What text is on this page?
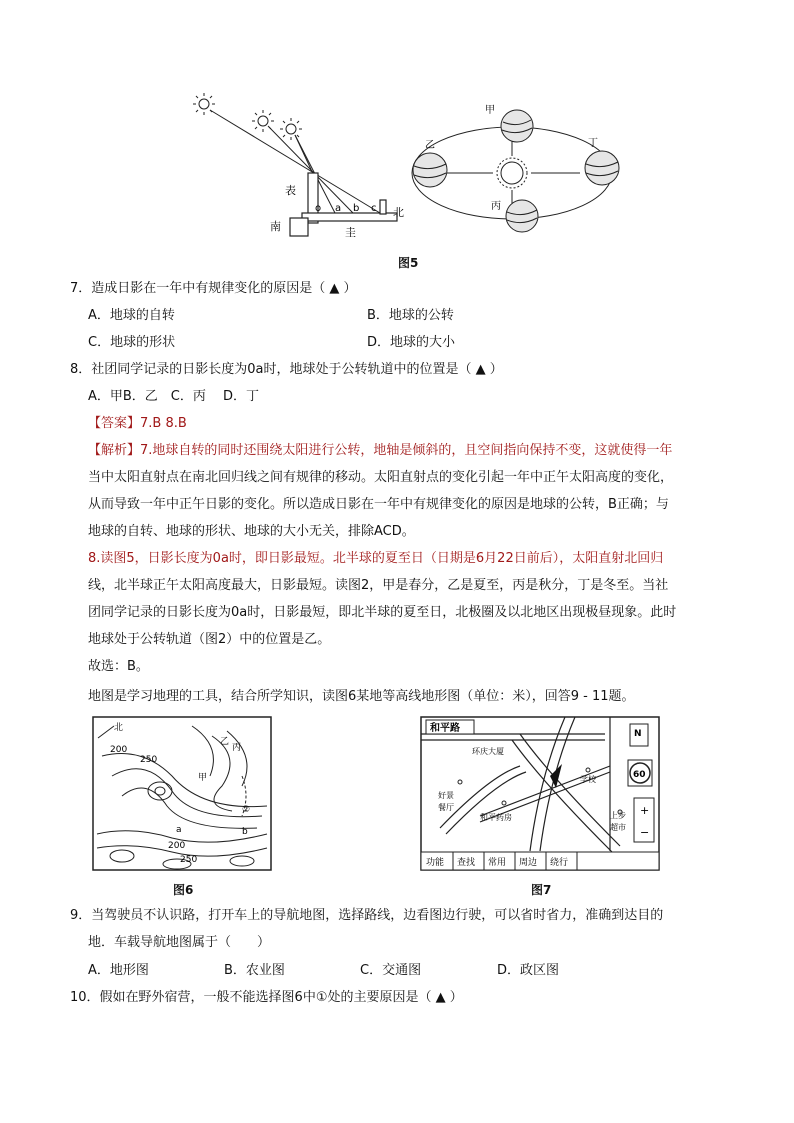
表
南
北
圭
o a b c
甲
乙
丙
丁
图5
7．造成日影在一年中有规律变化的原因是（ ▲ ）
A．地球的自转	B．地球的公转
C．地球的形状	D．地球的大小
8．社团同学记录的日影长度为0a时，地球处于公转轨道中的位置是（ ▲ ）
A．甲B．乙　C．丙　 D．丁
【答案】7.B 8.B
【解析】7.地球自转的同时还围绕太阳进行公转，地轴是倾斜的，且空间指向保持不变，这就使得一年
当中太阳直射点在南北回归线之间有规律的移动。太阳直射点的变化引起一年中正午太阳高度的变化，
从而导致一年中正午日影的变化。所以造成日影在一年中有规律变化的原因是地球的公转，B正确；与
地球的自转、地球的形状、地球的大小无关，排除ACD。
8.读图5，日影长度为0a时，即日影最短。北半球的夏至日（日期是6月22日前后），太阳直射北回归
线，北半球正午太阳高度最大，日影最短。读图2，甲是春分，乙是夏至，丙是秋分，丁是冬至。当社
团同学记录的日影长度为0a时，日影最短，即北半球的夏至日，北极圈及以北地区出现极昼现象。此时
地球处于公转轨道（图2）中的位置是乙。
故选：B。
地图是学习地理的工具，结合所学知识，读图6某地等高线地形图（单位：米），回答9 - 11题。
北
200
250
200
250
乙
丙
甲
②
a	b
图6
和平路
环庆大厦
学校
好景
餐厅
和平药房	上步
超市
N
60
+
−
功能 查找 常用 周边 绕行
图7
9．当驾驶员不认识路，打开车上的导航地图，选择路线，边看图边行驶，可以省时省力，准确到达目的
地．车载导航地图属于（　　）
A．地形图	B．农业图	C．交通图	D．政区图
10．假如在野外宿营，一般不能选择图6中①处的主要原因是（ ▲ ）
